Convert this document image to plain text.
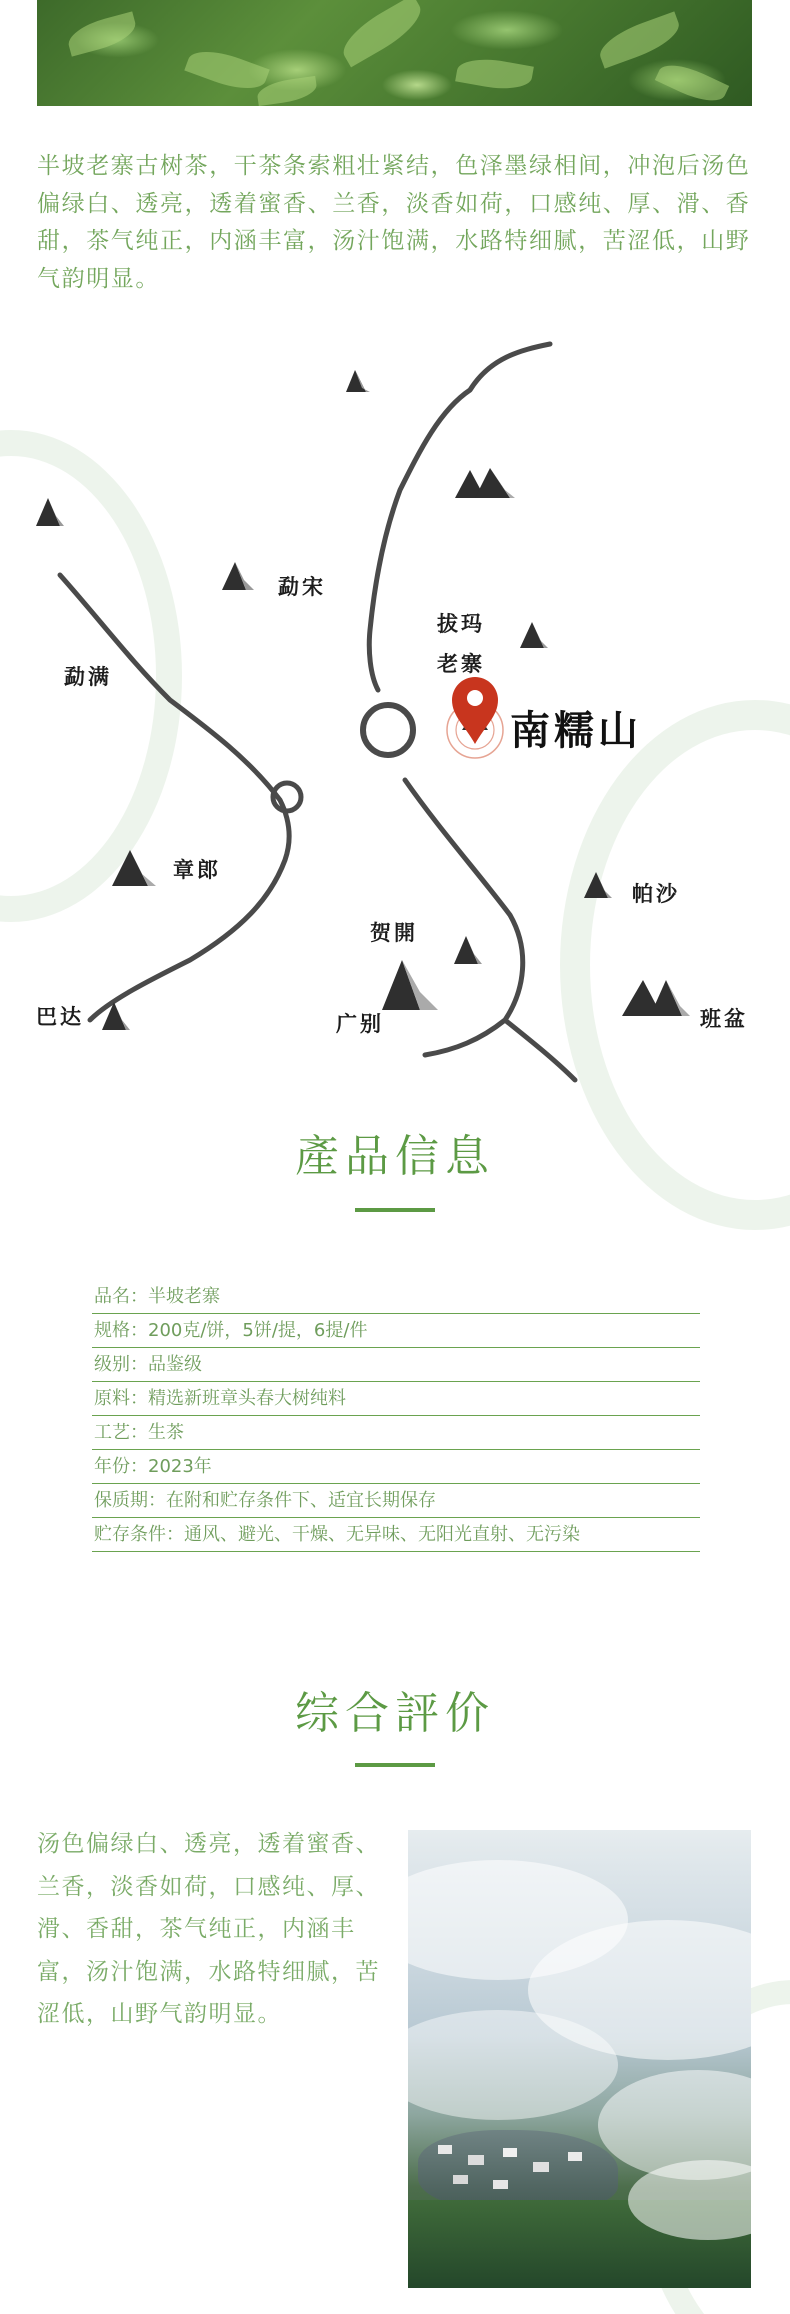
半坡老寨古树茶，干茶条索粗壮紧结，色泽墨绿相间，冲泡后汤色偏绿白、透亮，透着蜜香、兰香，淡香如荷，口感纯、厚、滑、香甜，茶气纯正，内涵丰富，汤汁饱满，水路特细腻，苦涩低，山野气韵明显。

勐宋
拔玛
老寨
南糯山
勐满
章郎
帕沙
贺開
广别
巴达	班盆
產品信息
品名：半坡老寨
规格：200克/饼，5饼/提，6提/件
级别：品鉴级
原料：精选新班章头春大树纯料
工艺：生茶
年份：2023年
保质期：在附和贮存条件下、适宜长期保存
贮存条件：通风、避光、干燥、无异味、无阳光直射、无污染
综合評价

汤色偏绿白、透亮，透着蜜香、兰香，淡香如荷，口感纯、厚、滑、香甜，茶气纯正，内涵丰富，汤汁饱满，水路特细腻，苦涩低，山野气韵明显。
